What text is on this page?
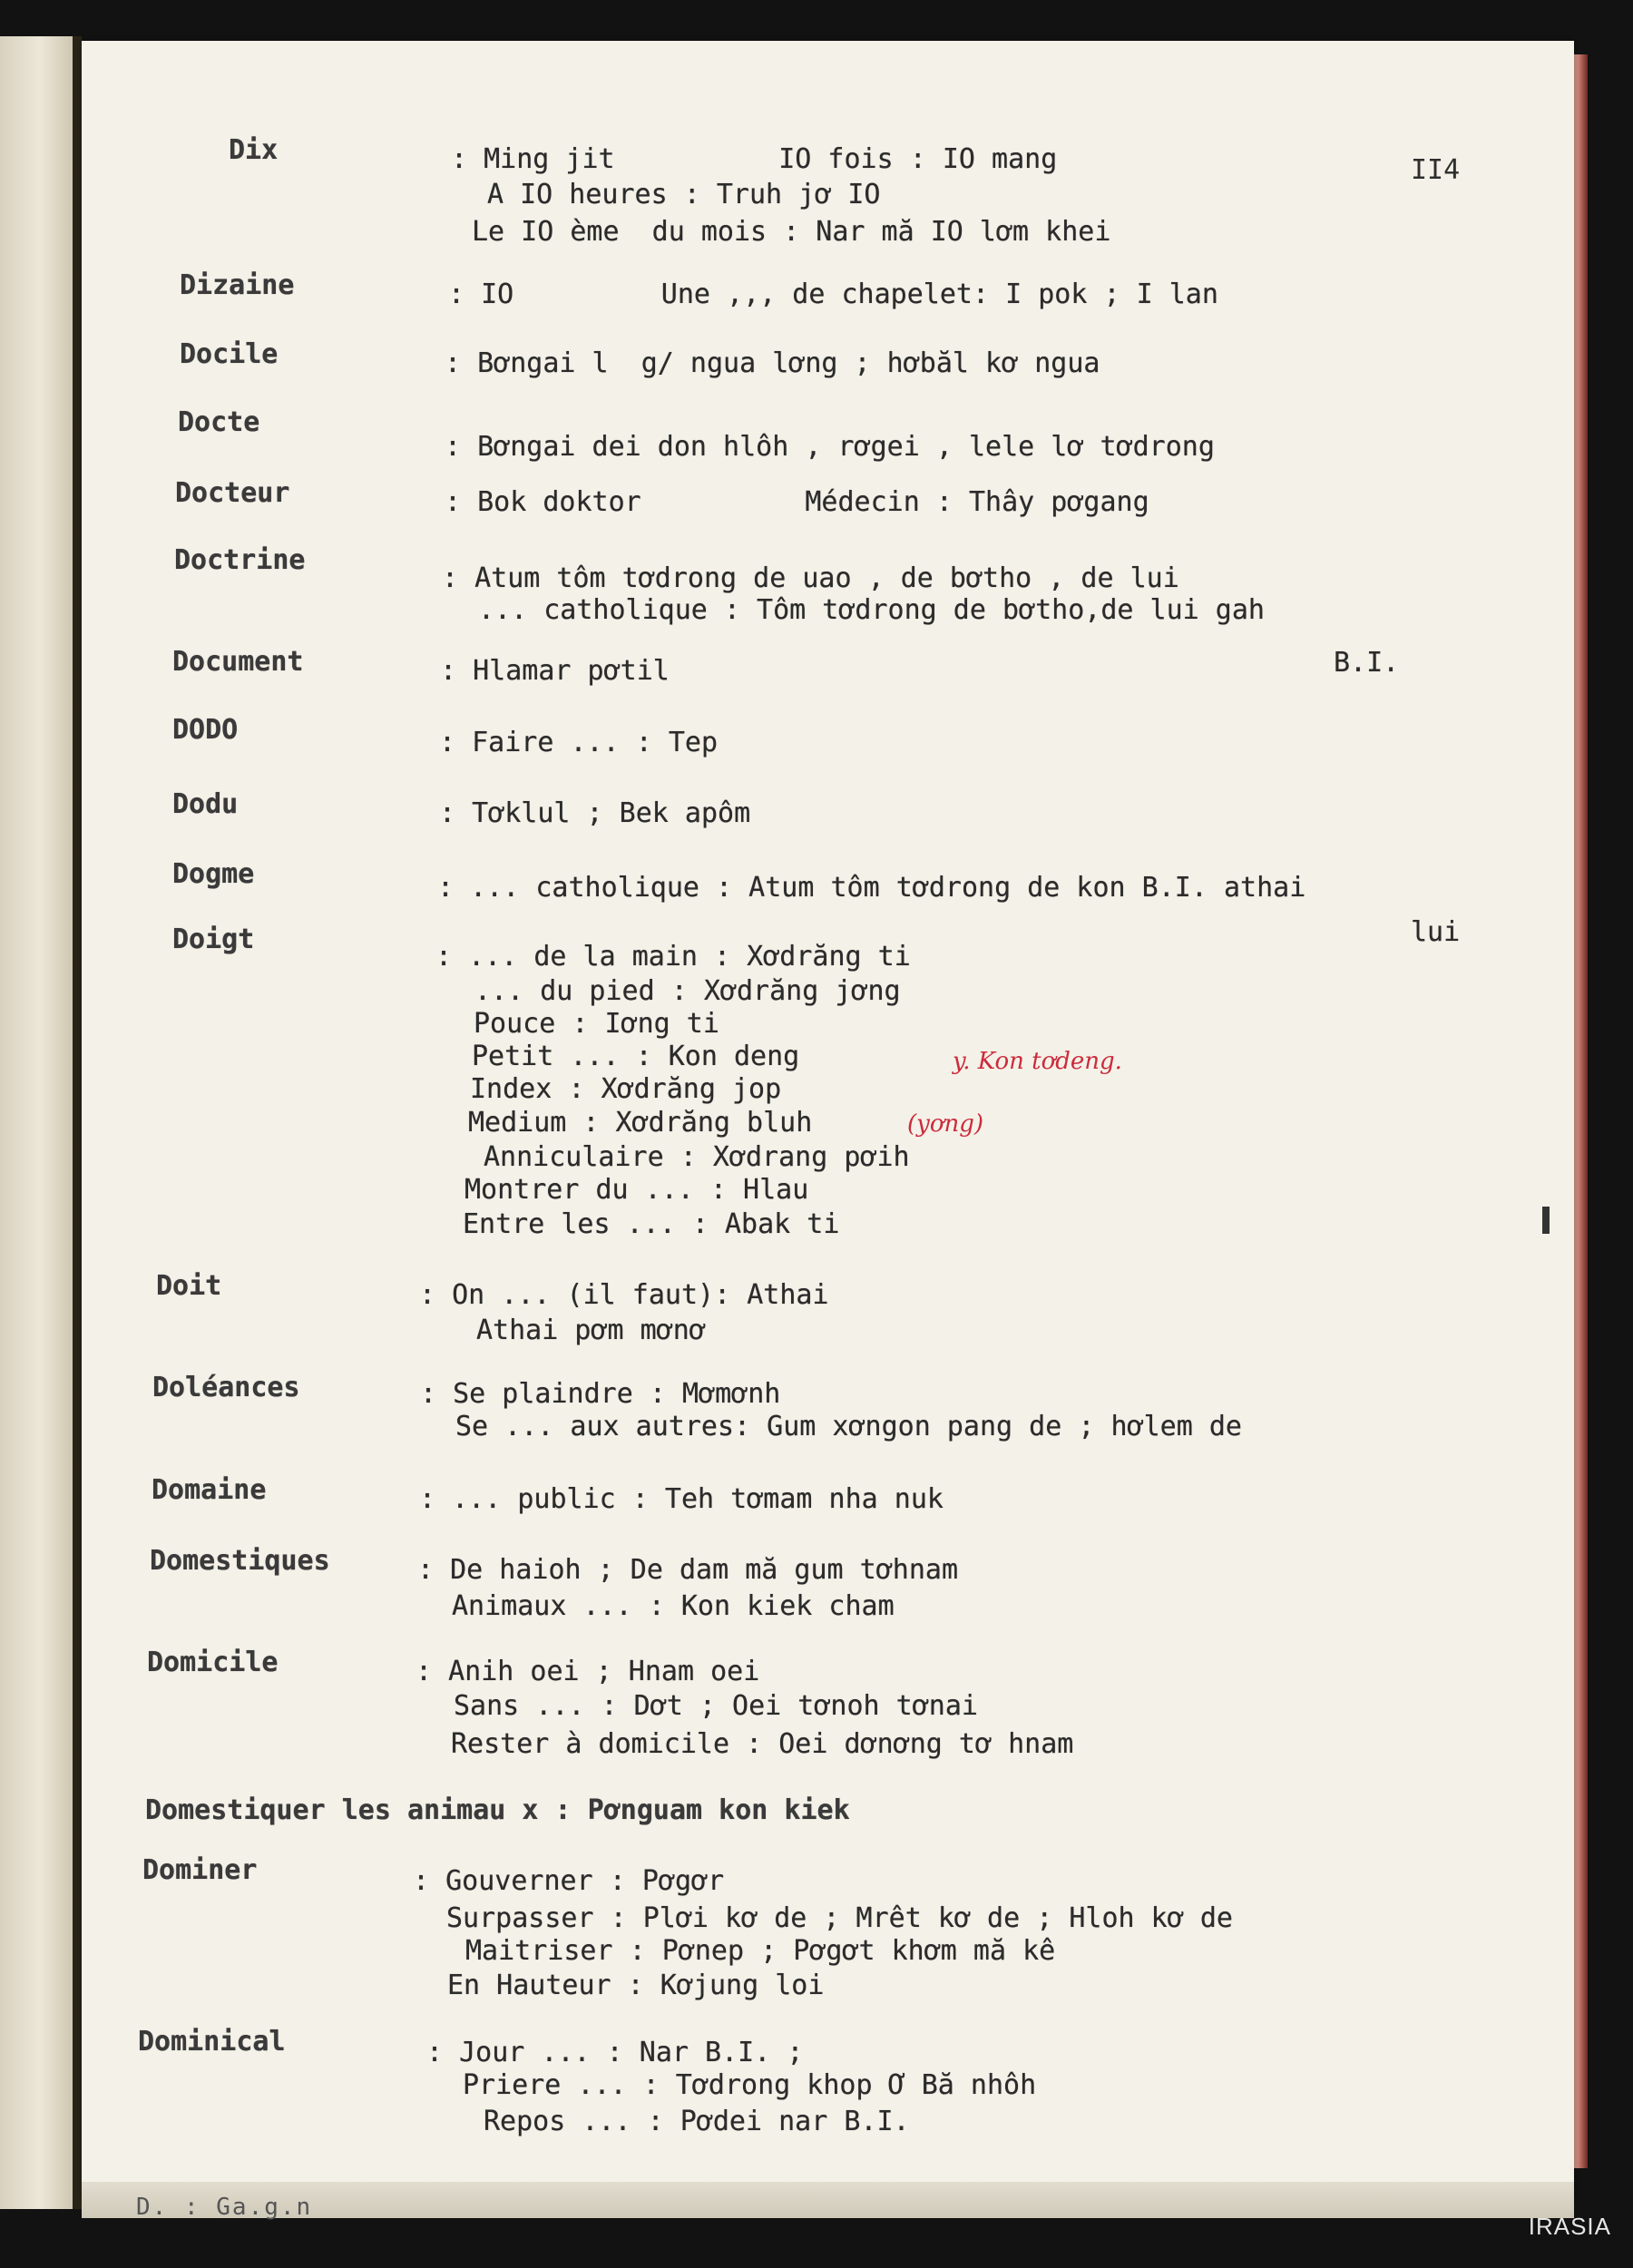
D. : Ga.g.n
II4
Dix	: Ming jit          IO fois : IO mang
A IO heures : Truh jơ IO
Le IO ème  du mois : Nar mă IO lơm khei
Dizaine	: IO         Une ,,, de chapelet: I pok ; I lan
Docile	: Bơngai l  g/ ngua lơng ; hơbăl kơ ngua
Docte
: Bơngai dei don hlôh , rơgei , lele lơ tơdrong
Docteur	: Bok doktor          Médecin : Thây pơgang
Doctrine
: Atum tôm tơdrong de uao , de bơtho , de lui
... catholique : Tôm tơdrong de bơtho,de lui gah
B.I.
Document	: Hlamar pơtil
DODO	: Faire ... : Tep
Dodu	: Tơklul ; Bek apôm
Dogme	: ... catholique : Atum tôm tơdrong de kon B.I. athai
lui
Doigt
: ... de la main : Xơdrăng ti
... du pied : Xơdrăng jơng
Pouce : Iơng ti
Petit ... : Kon deng
Index : Xơdrăng jop
Medium : Xơdrăng bluh
Anniculaire : Xơdrang pơih
Montrer du ... : Hlau
Entre les ... : Abak ti
Doit	: On ... (il faut): Athai
Athai pơm mơnơ
Doléances	: Se plaindre : Mơmơnh
Se ... aux autres: Gum xơngon pang de ; hơlem de
Domaine	: ... public : Teh tơmam nha nuk
Domestiques	: De haioh ; De dam mă gum tơhnam
Animaux ... : Kon kiek cham
Domicile	: Anih oei ; Hnam oei
Sans ... : Dơt ; Oei tơnoh tơnai
Rester à domicile : Oei dơnơng tơ hnam
Domestiquer les animau x : Pơnguam kon kiek
Dominer	: Gouverner : Pơgơr
Surpasser : Plơi kơ de ; Mrêt kơ de ; Hloh kơ de
Maitriser : Pơnep ; Pơgơt khơm mă kê
En Hauteur : Kơjung loi
Dominical	: Jour ... : Nar B.I. ;
Priere ... : Tơdrong khop Ơ Bă nhôh
Repos ... : Pơdei nar B.I.
y. Kon tơdeng.
(yơng)
IRASIA
